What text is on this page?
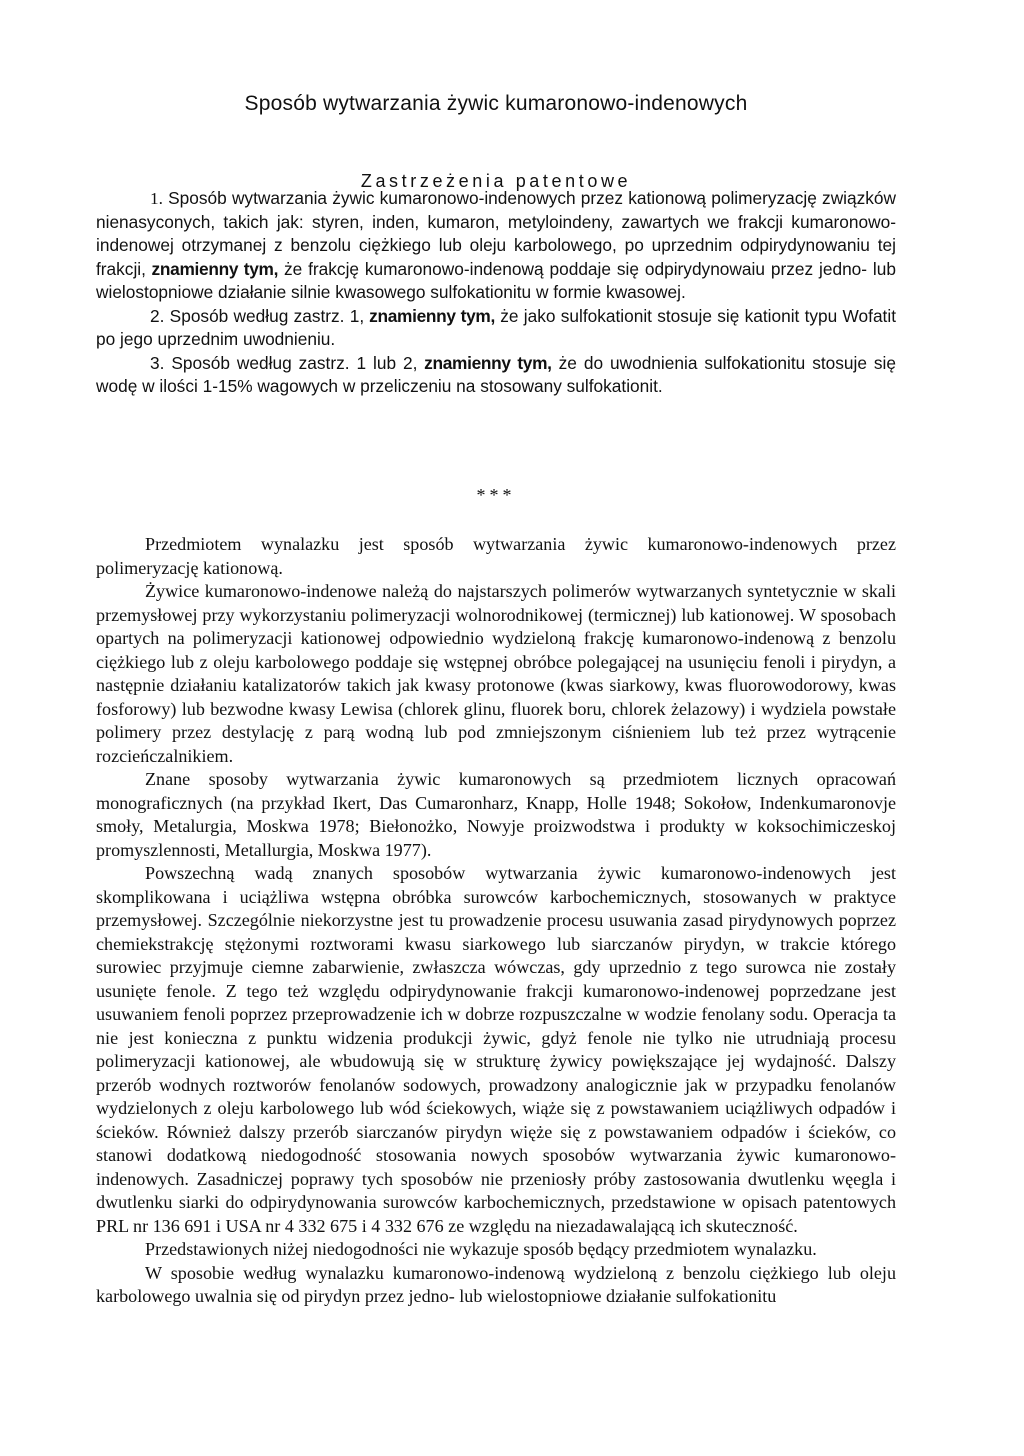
Sposób wytwarzania żywic kumaronowo-indenowych
Zastrzeżenia patentowe

1. Sposób wytwarzania żywic kumaronowo-indenowych przez kationową polimeryzację związków nienasyconych, takich jak: styren, inden, kumaron, metyloindeny, zawartych we frakcji kumaronowo-indenowej otrzymanej z benzolu ciężkiego lub oleju karbolowego, po uprzednim odpirydynowaniu tej frakcji, znamienny tym, że frakcję kumaronowo-indenową poddaje się odpirydynowaiu przez jedno- lub wielostopniowe działanie silnie kwasowego sulfokationitu w formie kwasowej.

2. Sposób według zastrz. 1, znamienny tym, że jako sulfokationit stosuje się kationit typu Wofatit po jego uprzednim uwodnieniu.

3. Sposób według zastrz. 1 lub 2, znamienny tym, że do uwodnienia sulfokationitu stosuje się wodę w ilości 1-15% wagowych w przeliczeniu na stosowany sulfokationit.

***

Przedmiotem wynalazku jest sposób wytwarzania żywic kumaronowo-indenowych przez polimeryzację kationową.

Żywice kumaronowo-indenowe należą do najstarszych polimerów wytwarzanych syntetycznie w skali przemysłowej przy wykorzystaniu polimeryzacji wolnorodnikowej (termicznej) lub kationowej. W sposobach opartych na polimeryzacji kationowej odpowiednio wydzieloną frakcję kumaronowo-indenową z benzolu ciężkiego lub z oleju karbolowego poddaje się wstępnej obróbce polegającej na usunięciu fenoli i pirydyn, a następnie działaniu katalizatorów takich jak kwasy protonowe (kwas siarkowy, kwas fluorowodorowy, kwas fosforowy) lub bezwodne kwasy Lewisa (chlorek glinu, fluorek boru, chlorek żelazowy) i wydziela powstałe polimery przez destylację z parą wodną lub pod zmniejszonym ciśnieniem lub też przez wytrącenie rozcieńczalnikiem.

Znane sposoby wytwarzania żywic kumaronowych są przedmiotem licznych opracowań monograficznych (na przykład Ikert, Das Cumaronharz, Knapp, Holle 1948; Sokołow, Indenkumaronovje smoły, Metalurgia, Moskwa 1978; Biełonożko, Nowyje proizwodstwa i produkty w koksochimiczeskoj promyszlennosti, Metallurgia, Moskwa 1977).

Powszechną wadą znanych sposobów wytwarzania żywic kumaronowo-indenowych jest skomplikowana i uciążliwa wstępna obróbka surowców karbochemicznych, stosowanych w praktyce przemysłowej. Szczególnie niekorzystne jest tu prowadzenie procesu usuwania zasad pirydynowych poprzez chemiekstrakcję stężonymi roztworami kwasu siarkowego lub siarczanów pirydyn, w trakcie którego surowiec przyjmuje ciemne zabarwienie, zwłaszcza wówczas, gdy uprzednio z tego surowca nie zostały usunięte fenole. Z tego też względu odpirydynowanie frakcji kumaronowo-indenowej poprzedzane jest usuwaniem fenoli poprzez przeprowadzenie ich w dobrze rozpuszczalne w wodzie fenolany sodu. Operacja ta nie jest konieczna z punktu widzenia produkcji żywic, gdyż fenole nie tylko nie utrudniają procesu polimeryzacji kationowej, ale wbudowują się w strukturę żywicy powiększające jej wydajność. Dalszy przerób wodnych roztworów fenolanów sodowych, prowadzony analogicznie jak w przypadku fenolanów wydzielonych z oleju karbolowego lub wód ściekowych, wiąże się z powstawaniem uciążliwych odpadów i ścieków. Również dalszy przerób siarczanów pirydyn więże się z powstawaniem odpadów i ścieków, co stanowi dodatkową niedogodność stosowania nowych sposobów wytwarzania żywic kumaronowo-indenowych. Zasadniczej poprawy tych sposobów nie przeniosły próby zastosowania dwutlenku węegla i dwutlenku siarki do odpirydynowania surowców karbochemicznych, przedstawione w opisach patentowych PRL nr 136 691 i USA nr 4 332 675 i 4 332 676 ze względu na niezadawalającą ich skuteczność.

Przedstawionych niżej niedogodności nie wykazuje sposób będący przedmiotem wynalazku.

W sposobie według wynalazku kumaronowo-indenową wydzieloną z benzolu ciężkiego lub oleju karbolowego uwalnia się od pirydyn przez jedno- lub wielostopniowe działanie sulfokationitu
